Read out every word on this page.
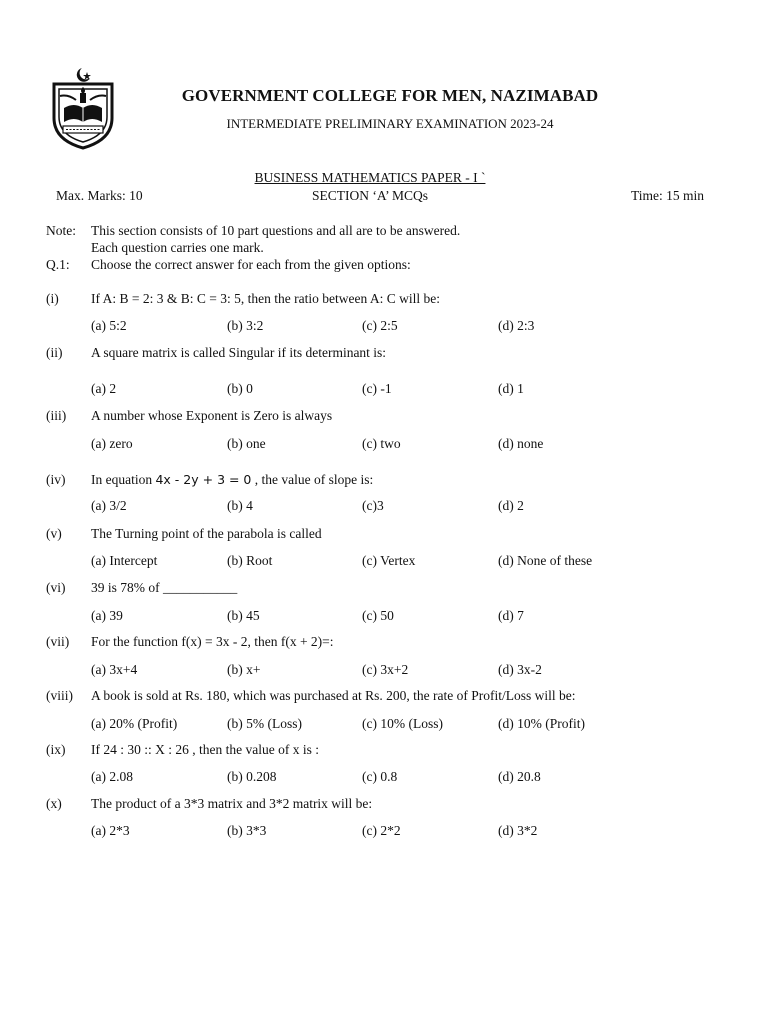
GOVERNMENT COLLEGE FOR MEN, NAZIMABAD
INTERMEDIATE PRELIMINARY EXAMINATION 2023-24
BUSINESS MATHEMATICS PAPER - I `
Max. Marks: 10	SECTION ‘A’ MCQs	Time: 15 min
Note: This section consists of 10 part questions and all are to be answered.
Each question carries one mark.
Q.1: Choose the correct answer for each from the given options:
(i) If A: B = 2: 3 & B: C = 3: 5, then the ratio between A: C will be:
(a) 5:2	(b) 3:2	(c) 2:5	(d) 2:3
(ii) A square matrix is called Singular if its determinant is:
(a) 2	(b) 0	(c) -1	(d) 1
(iii) A number whose Exponent is Zero is always
(a) zero	(b) one	(c) two	(d) none
(iv) In equation 4x - 2y + 3 = 0 , the value of slope is:
(a) 3/2	(b) 4	(c)3	(d) 2
(v) The Turning point of the parabola is called
(a) Intercept	(b) Root	(c) Vertex	(d) None of these
(vi) 39 is 78% of ___________
(a) 39	(b) 45	(c) 50	(d) 7
(vii) For the function f(x) = 3x - 2, then f(x + 2)=:
(a) 3x+4	(b) x+	(c) 3x+2	(d) 3x-2
(viii) A book is sold at Rs. 180, which was purchased at Rs. 200, the rate of Profit/Loss will be:
(a) 20% (Profit)	(b) 5% (Loss)	(c) 10% (Loss)	(d) 10% (Profit)
(ix) If 24 : 30 :: X : 26 , then the value of x is :
(a) 2.08	(b) 0.208	(c) 0.8	(d) 20.8
(x) The product of a 3*3 matrix and 3*2 matrix will be:
(a) 2*3	(b) 3*3	(c) 2*2	(d) 3*2
